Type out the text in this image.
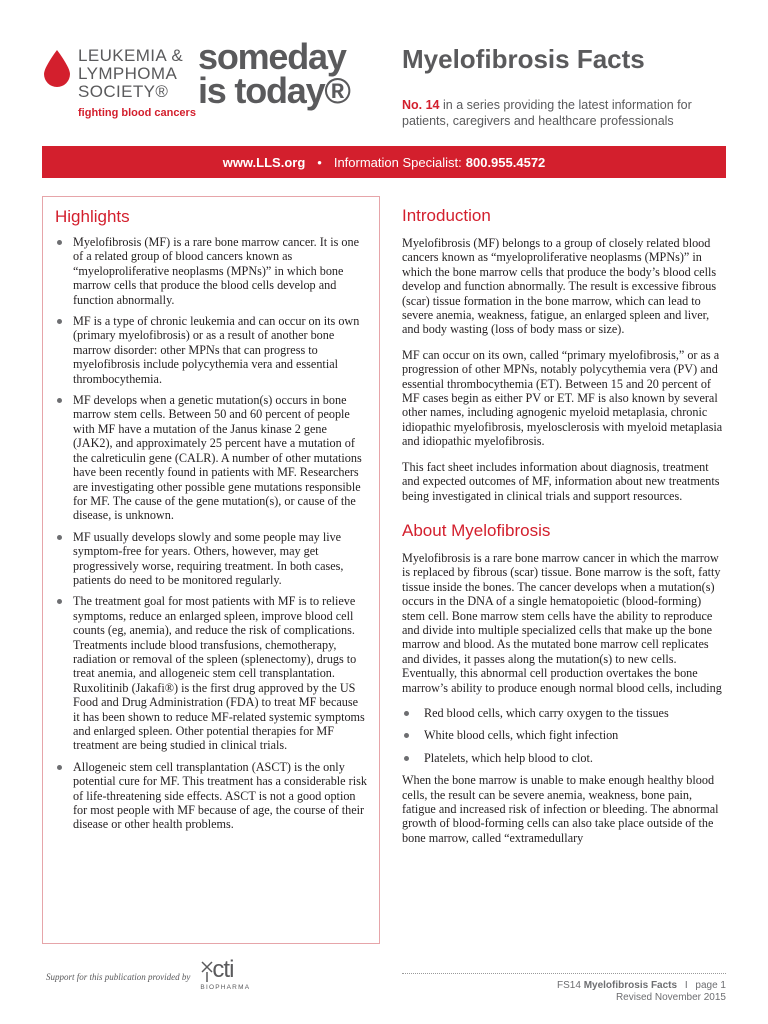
LEUKEMIA &
LYMPHOMA
SOCIETY®
fighting blood cancers
someday
is today®
Myelofibrosis Facts
No. 14 in a series providing the latest information for patients, caregivers and healthcare professionals
www.LLS.org • Information Specialist: 800.955.4572
Highlights
Myelofibrosis (MF) is a rare bone marrow cancer. It is one of a related group of blood cancers known as “myeloproliferative neoplasms (MPNs)” in which bone marrow cells that produce the blood cells develop and function abnormally.
MF is a type of chronic leukemia and can occur on its own (primary myelofibrosis) or as a result of another bone marrow disorder: other MPNs that can progress to myelofibrosis include polycythemia vera and essential thrombocythemia.
MF develops when a genetic mutation(s) occurs in bone marrow stem cells. Between 50 and 60 percent of people with MF have a mutation of the Janus kinase 2 gene (JAK2), and approximately 25 percent have a mutation of the calreticulin gene (CALR). A number of other mutations have been recently found in patients with MF. Researchers are investigating other possible gene mutations responsible for MF. The cause of the gene mutation(s), or cause of the disease, is unknown.
MF usually develops slowly and some people may live symptom-free for years. Others, however, may get progressively worse, requiring treatment. In both cases, patients do need to be monitored regularly.
The treatment goal for most patients with MF is to relieve symptoms, reduce an enlarged spleen, improve blood cell counts (eg, anemia), and reduce the risk of complications. Treatments include blood transfusions, chemotherapy, radiation or removal of the spleen (splenectomy), drugs to treat anemia, and allogeneic stem cell transplantation. Ruxolitinib (Jakafi®) is the first drug approved by the US Food and Drug Administration (FDA) to treat MF because it has been shown to reduce MF-related systemic symptoms and enlarged spleen. Other potential therapies for MF treatment are being studied in clinical trials.
Allogeneic stem cell transplantation (ASCT) is the only potential cure for MF. This treatment has a considerable risk of life-threatening side effects. ASCT is not a good option for most people with MF because of age, the course of their disease or other health problems.
Introduction

Myelofibrosis (MF) belongs to a group of closely related blood cancers known as “myeloproliferative neoplasms (MPNs)” in which the bone marrow cells that produce the body’s blood cells develop and function abnormally. The result is excessive fibrous (scar) tissue formation in the bone marrow, which can lead to severe anemia, weakness, fatigue, an enlarged spleen and liver, and body wasting (loss of body mass or size).

MF can occur on its own, called “primary myelofibrosis,” or as a progression of other MPNs, notably polycythemia vera (PV) and essential thrombocythemia (ET). Between 15 and 20 percent of MF cases begin as either PV or ET. MF is also known by several other names, including agnogenic myeloid metaplasia, chronic idiopathic myelofibrosis, myelosclerosis with myeloid metaplasia and idiopathic myelofibrosis.

This fact sheet includes information about diagnosis, treatment and expected outcomes of MF, information about new treatments being investigated in clinical trials and support resources.

About Myelofibrosis

Myelofibrosis is a rare bone marrow cancer in which the marrow is replaced by fibrous (scar) tissue. Bone marrow is the soft, fatty tissue inside the bones. The cancer develops when a mutation(s) occurs in the DNA of a single hematopoietic (blood-forming) stem cell. Bone marrow stem cells have the ability to reproduce and divide into multiple specialized cells that make up the bone marrow and blood. As the mutated bone marrow cell replicates and divides, it passes along the mutation(s) to new cells. Eventually, this abnormal cell production overtakes the bone marrow’s ability to produce enough normal blood cells, including

Red blood cells, which carry oxygen to the tissues
White blood cells, which fight infection
Platelets, which help blood to clot.

When the bone marrow is unable to make enough healthy blood cells, the result can be severe anemia, weakness, bone pain, fatigue and increased risk of infection or bleeding. The abnormal growth of blood-forming cells can also take place outside of the bone marrow, called “extramedullary

Support for this publication provided by cti
BIOPHARMA	FS14 Myelofibrosis Facts I page 1
Revised November 2015
